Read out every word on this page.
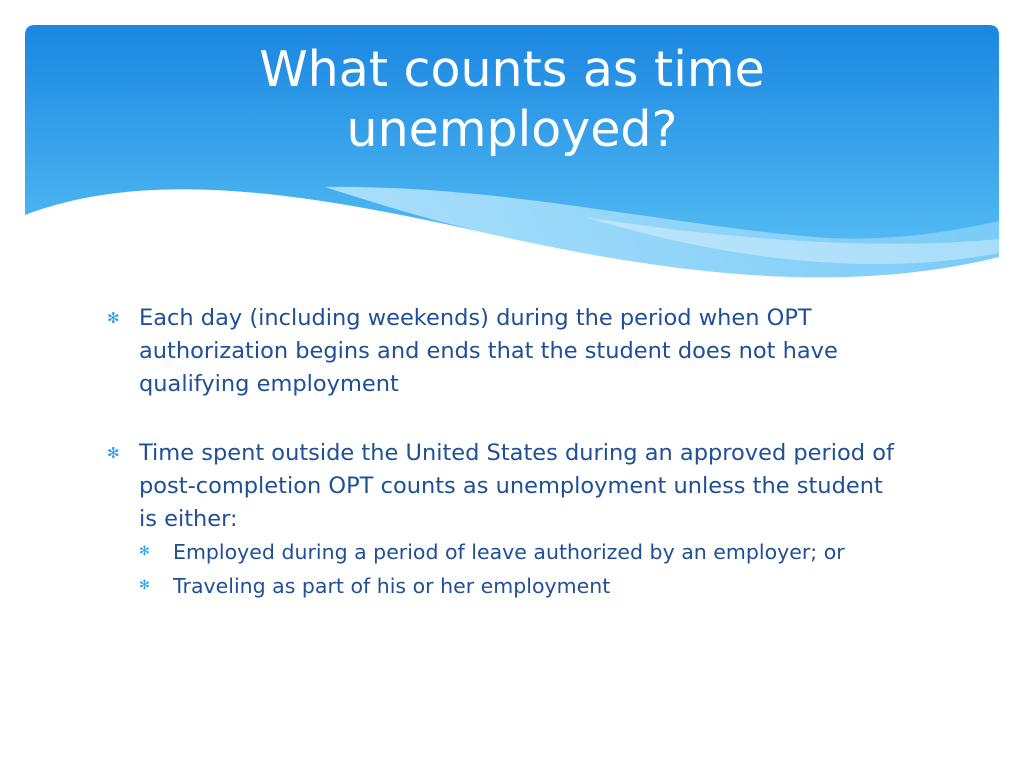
What counts as time
unemployed?
✻ Each day (including weekends) during the period when OPT authorization begins and ends that the student does not have qualifying employment
✻ Time spent outside the United States during an approved period of post-completion OPT counts as unemployment unless the student is either:
✻ Employed during a period of leave authorized by an employer; or
✻ Traveling as part of his or her employment
